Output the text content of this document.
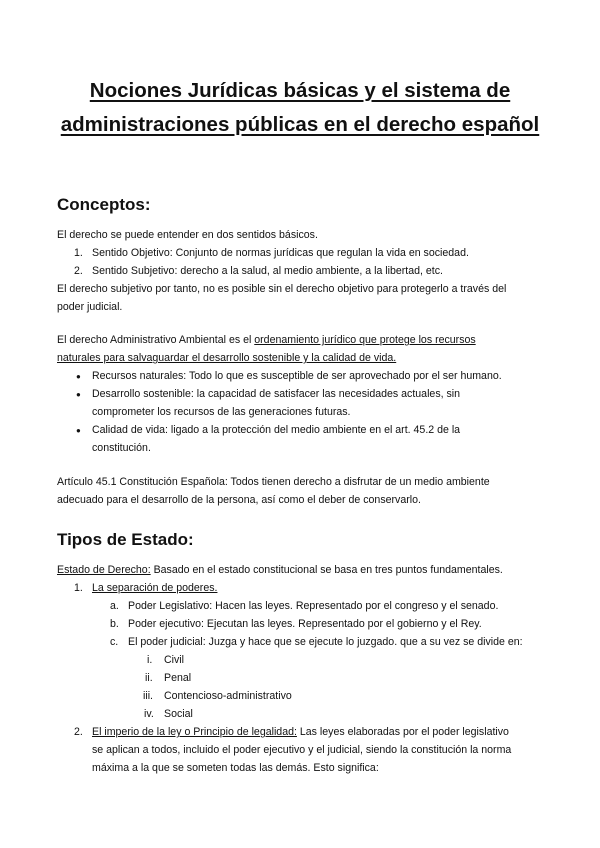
Nociones Jurídicas básicas y el sistema de
administraciones públicas en el derecho español
Conceptos:
El derecho se puede entender en dos sentidos básicos.
1. Sentido Objetivo: Conjunto de normas jurídicas que regulan la vida en sociedad.
2. Sentido Subjetivo: derecho a la salud, al medio ambiente, a la libertad, etc.
El derecho subjetivo por tanto, no es posible sin el derecho objetivo para protegerlo a través del
poder judicial.
El derecho Administrativo Ambiental es el ordenamiento jurídico que protege los recursos
naturales para salvaguardar el desarrollo sostenible y la calidad de vida.
● Recursos naturales: Todo lo que es susceptible de ser aprovechado por el ser humano.
● Desarrollo sostenible: la capacidad de satisfacer las necesidades actuales, sin
comprometer los recursos de las generaciones futuras.
● Calidad de vida: ligado a la protección del medio ambiente en el art. 45.2 de la
constitución.
Artículo 45.1 Constitución Española: Todos tienen derecho a disfrutar de un medio ambiente
adecuado para el desarrollo de la persona, así como el deber de conservarlo.
Tipos de Estado:
Estado de Derecho: Basado en el estado constitucional se basa en tres puntos fundamentales.
1. La separación de poderes.
a. Poder Legislativo: Hacen las leyes. Representado por el congreso y el senado.
b. Poder ejecutivo: Ejecutan las leyes. Representado por el gobierno y el Rey.
c. El poder judicial: Juzga y hace que se ejecute lo juzgado. que a su vez se divide en:
i. Civil
ii. Penal
iii. Contencioso-administrativo
iv. Social
2. El imperio de la ley o Principio de legalidad: Las leyes elaboradas por el poder legislativo
se aplican a todos, incluido el poder ejecutivo y el judicial, siendo la constitución la norma
máxima a la que se someten todas las demás. Esto significa:
